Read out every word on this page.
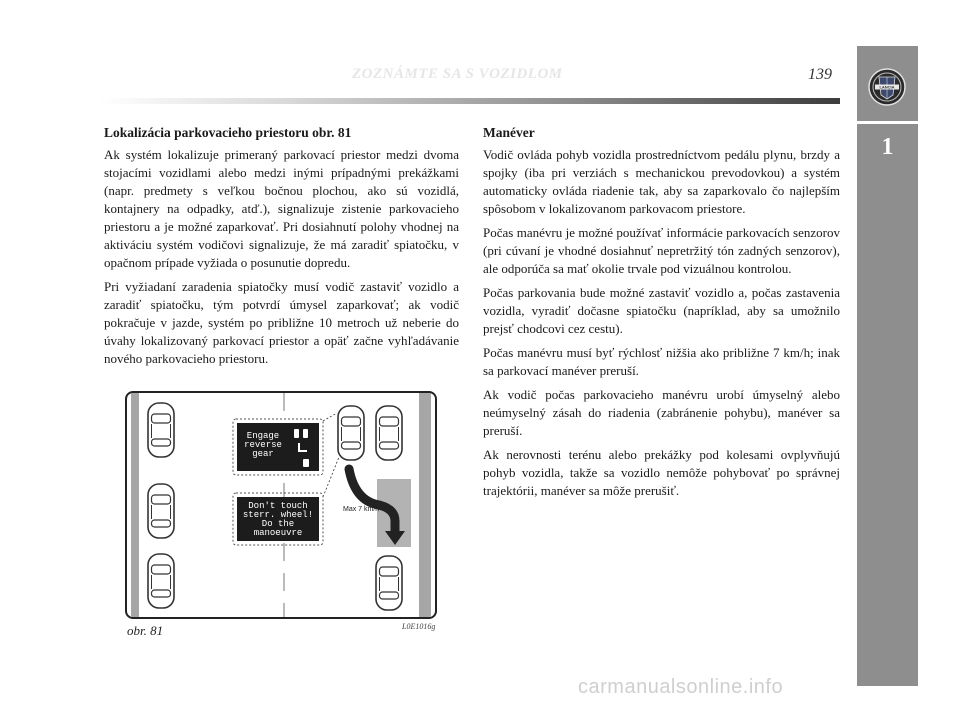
ZOZNÁMTE SA S VOZIDLOM	139
LANCIA
1
Lokalizácia parkovacieho priestoru obr. 81

Ak systém lokalizuje primeraný parkovací priestor medzi dvoma stojacími vozidlami alebo medzi inými prípadnými prekážkami (napr. predmety s veľkou bočnou plochou, ako sú vozidlá, kontajnery na odpadky, atď.), signalizuje zistenie parkovacieho priestoru a je možné zaparkovať. Pri dosiahnutí polohy vhodnej na aktiváciu systém vodičovi signalizuje, že má zaradiť spiatočku, v opačnom prípade vyžiada o posunutie dopredu.

Pri vyžiadaní zaradenia spiatočky musí vodič zastaviť vozidlo a zaradiť spiatočku, tým potvrdí úmysel zaparkovať; ak vodič pokračuje v jazde, systém po približne 10 metroch už neberie do úvahy lokalizovaný parkovací priestor a opäť začne vyhľadávanie nového parkovacieho priestoru.

Manéver

Vodič ovláda pohyb vozidla prostredníctvom pedálu plynu, brzdy a spojky (iba pri verziách s mechanickou prevodovkou) a systém automaticky ovláda riadenie tak, aby sa zaparkovalo čo najlepším spôsobom v lokalizovanom parkovacom priestore.

Počas manévru je možné používať informácie parkovacích senzorov (pri cúvaní je vhodné dosiahnuť nepretržitý tón zadných senzorov), ale odporúča sa mať okolie trvale pod vizuálnou kontrolou.

Počas parkovania bude možné zastaviť vozidlo a, počas zastavenia vozidla, vyradiť dočasne spiatočku (napríklad, aby sa umožnilo prejsť chodcovi cez cestu).

Počas manévru musí byť rýchlosť nižšia ako približne 7 km/h; inak sa parkovací manéver preruší.

Ak vodič počas parkovacieho manévru urobí úmyselný alebo neúmyselný zásah do riadenia (zabránenie pohybu), manéver sa preruší.

Ak nerovnosti terénu alebo prekážky pod kolesami ovplyvňujú pohyb vozidla, takže sa vozidlo nemôže pohybovať po správnej trajektórii, manéver sa môže prerušiť.

Engage
reverse
gear
Don't touch
sterr. wheel!
Do the
manoeuvre
Max 7 km/h
obr. 81	L0E1016g
carmanualsonline.info
